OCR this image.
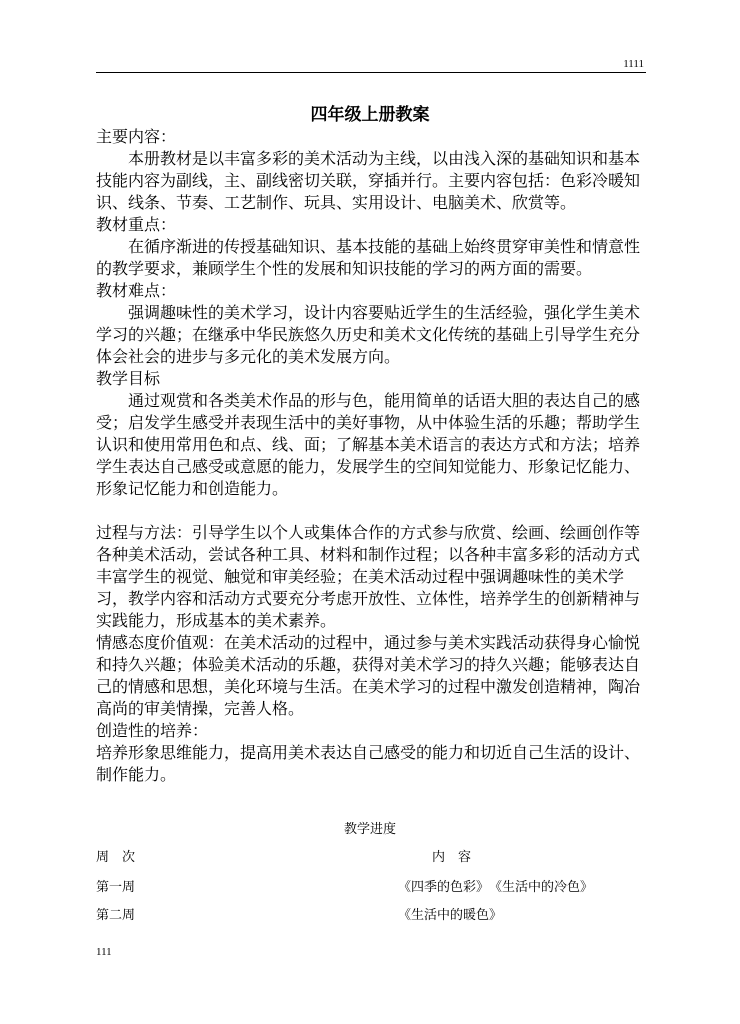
1111
四年级上册教案

主要内容：

本册教材是以丰富多彩的美术活动为主线，以由浅入深的基础知识和基本技能内容为副线，主、副线密切关联，穿插并行。主要内容包括：色彩冷暖知识、线条、节奏、工艺制作、玩具、实用设计、电脑美术、欣赏等。

教材重点：

在循序渐进的传授基础知识、基本技能的基础上始终贯穿审美性和情意性的教学要求，兼顾学生个性的发展和知识技能的学习的两方面的需要。

教材难点：

强调趣味性的美术学习，设计内容要贴近学生的生活经验，强化学生美术学习的兴趣；在继承中华民族悠久历史和美术文化传统的基础上引导学生充分体会社会的进步与多元化的美术发展方向。

教学目标

通过观赏和各类美术作品的形与色，能用简单的话语大胆的表达自己的感受；启发学生感受并表现生活中的美好事物，从中体验生活的乐趣；帮助学生认识和使用常用色和点、线、面；了解基本美术语言的表达方式和方法；培养学生表达自己感受或意愿的能力，发展学生的空间知觉能力、形象记忆能力、形象记忆能力和创造能力。

过程与方法：引导学生以个人或集体合作的方式参与欣赏、绘画、绘画创作等各种美术活动，尝试各种工具、材料和制作过程；以各种丰富多彩的活动方式丰富学生的视觉、触觉和审美经验；在美术活动过程中强调趣味性的美术学习，教学内容和活动方式要充分考虑开放性、立体性，培养学生的创新精神与实践能力，形成基本的美术素养。

情感态度价值观：在美术活动的过程中，通过参与美术实践活动获得身心愉悦和持久兴趣；体验美术活动的乐趣，获得对美术学习的持久兴趣；能够表达自己的情感和思想，美化环境与生活。在美术学习的过程中激发创造精神，陶冶高尚的审美情操，完善人格。

创造性的培养：

培养形象思维能力，提高用美术表达自己感受的能力和切近自己生活的设计、制作能力。

教学进度
周　次	内　容
第一周	《四季的色彩》　《生活中的冷色》
第二周	《生活中的暖色》
111
